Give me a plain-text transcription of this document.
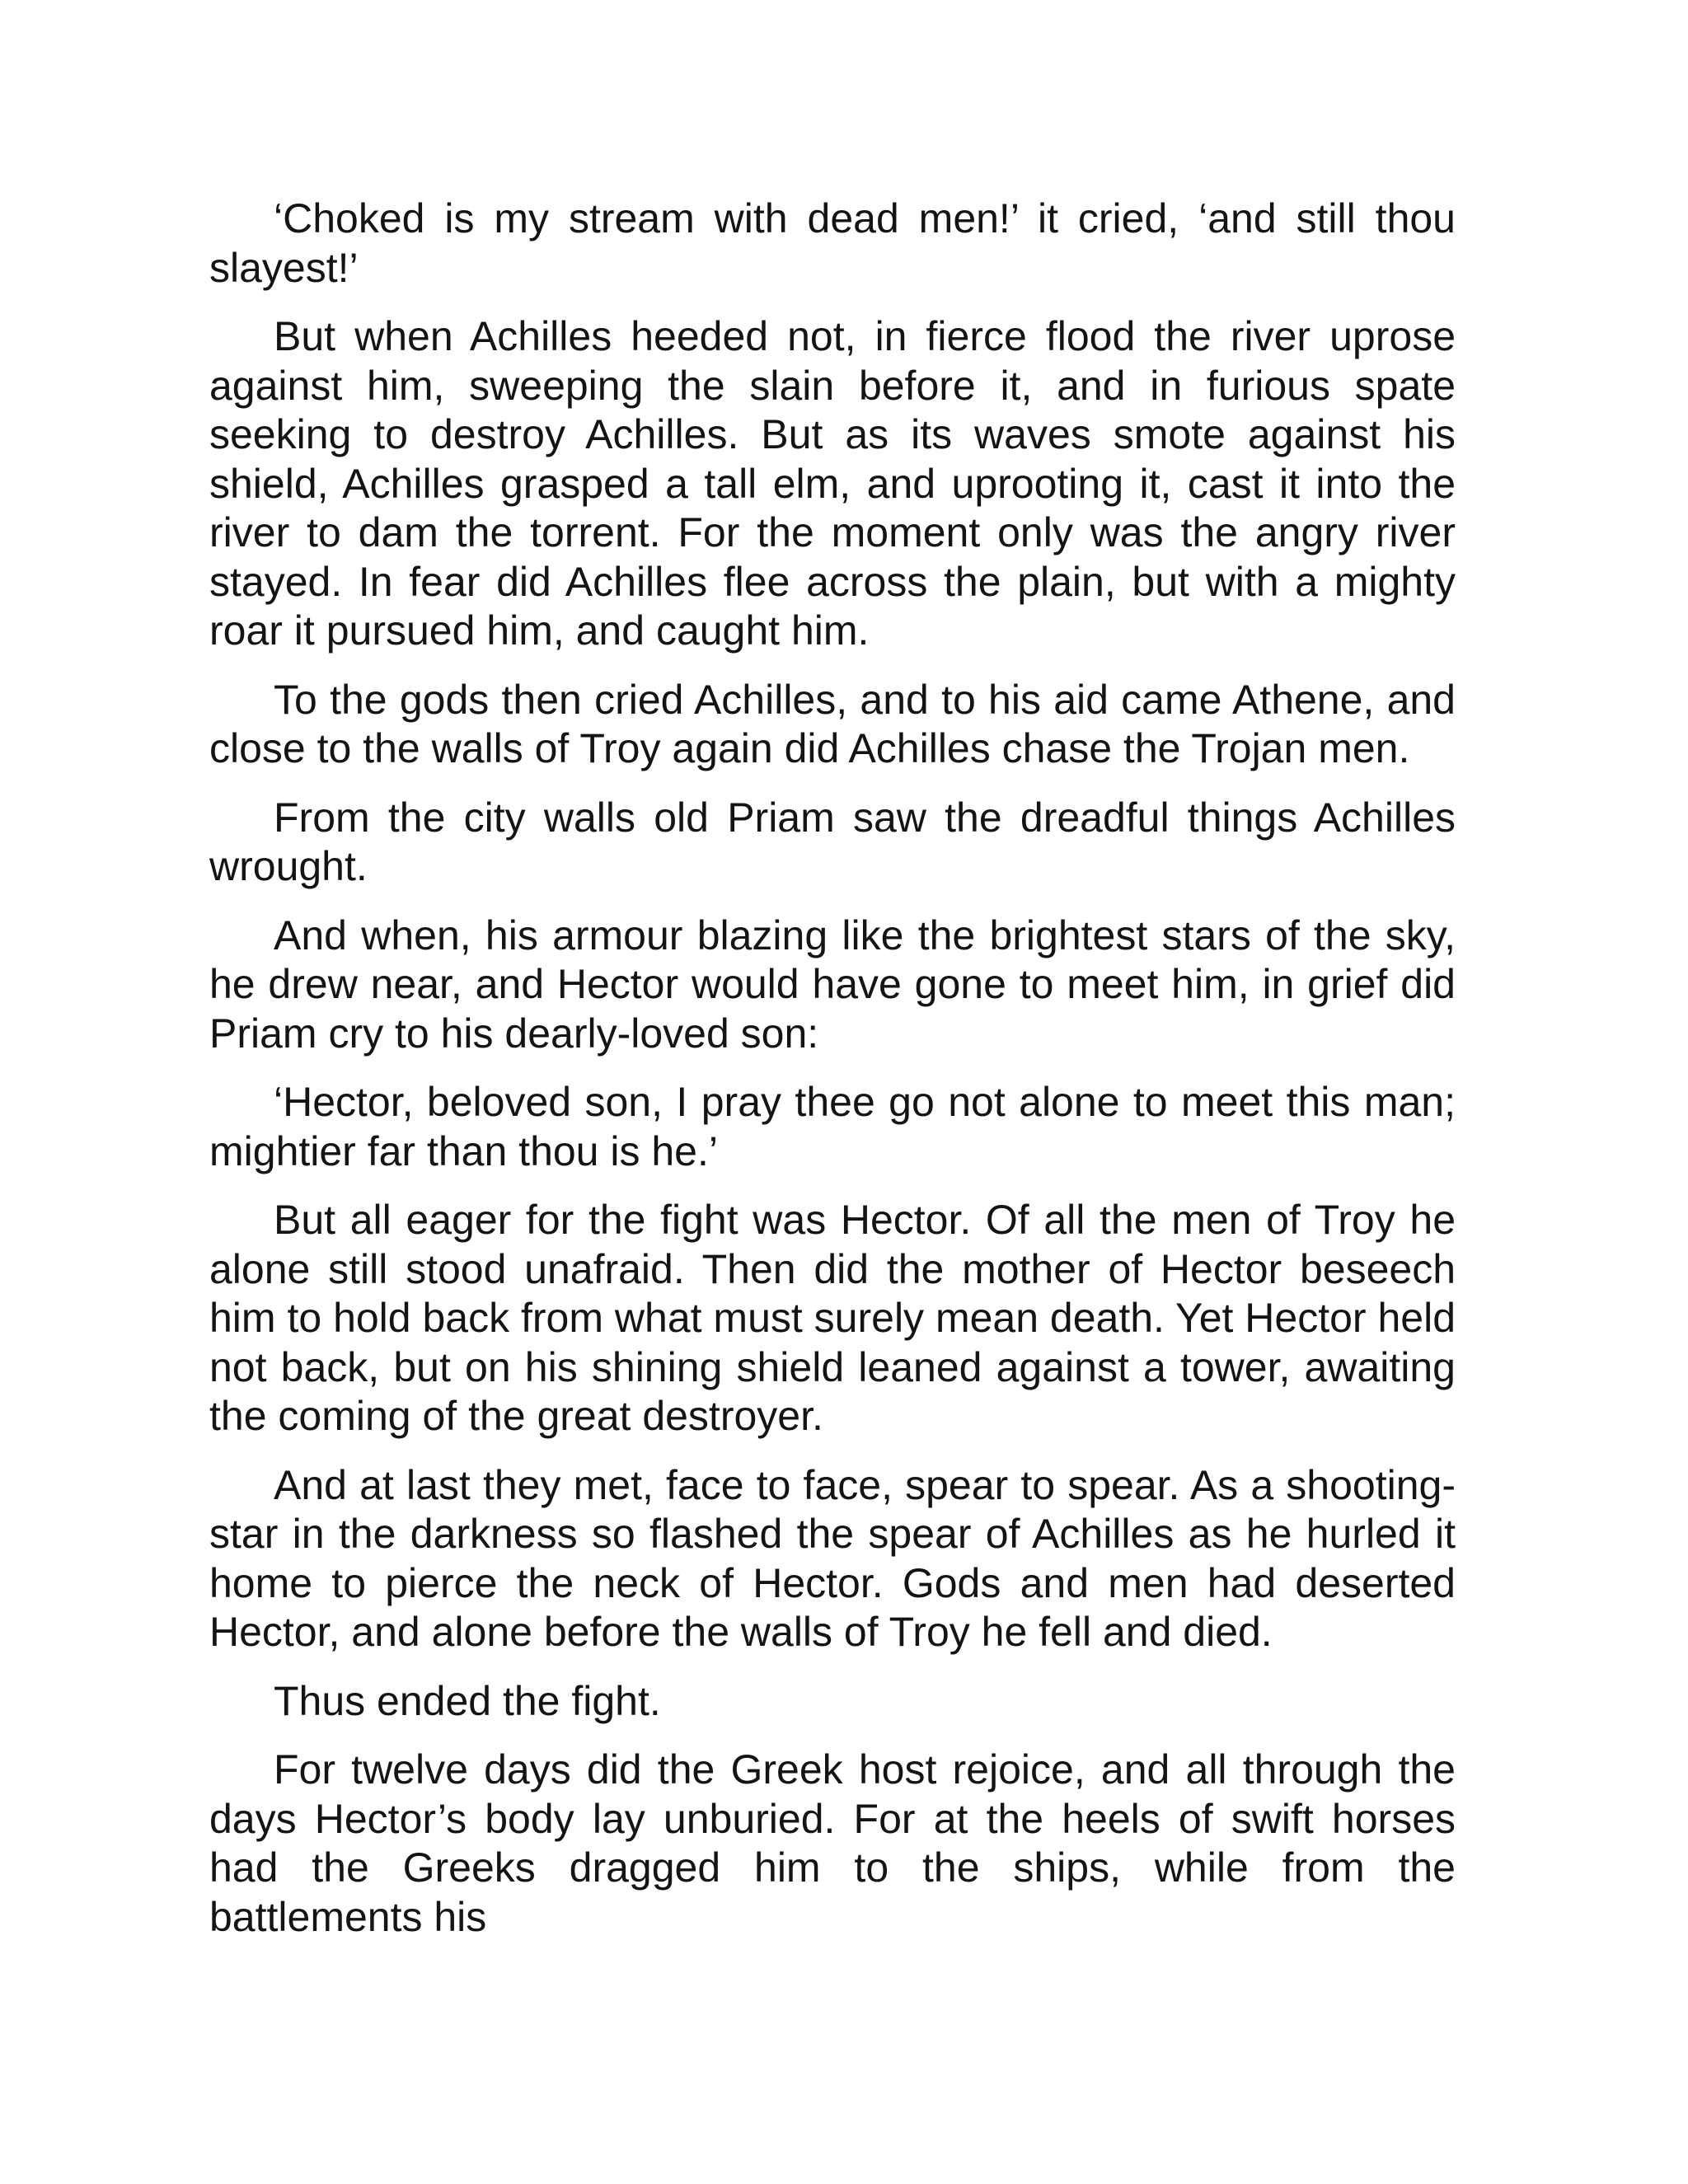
‘Choked is my stream with dead men!’ it cried, ‘and still thou slayest!’

But when Achilles heeded not, in fierce flood the river uprose against him, sweeping the slain before it, and in furious spate seeking to destroy Achilles. But as its waves smote against his shield, Achilles grasped a tall elm, and uprooting it, cast it into the river to dam the torrent. For the moment only was the angry river stayed. In fear did Achilles flee across the plain, but with a mighty roar it pursued him, and caught him.

To the gods then cried Achilles, and to his aid came Athene, and close to the walls of Troy again did Achilles chase the Trojan men.

From the city walls old Priam saw the dreadful things Achilles wrought.

And when, his armour blazing like the brightest stars of the sky, he drew near, and Hector would have gone to meet him, in grief did Priam cry to his dearly-loved son:

‘Hector, beloved son, I pray thee go not alone to meet this man; mightier far than thou is he.’

But all eager for the fight was Hector. Of all the men of Troy he alone still stood unafraid. Then did the mother of Hector beseech him to hold back from what must surely mean death. Yet Hector held not back, but on his shining shield leaned against a tower, awaiting the coming of the great destroyer.

And at last they met, face to face, spear to spear. As a shooting-star in the darkness so flashed the spear of Achilles as he hurled it home to pierce the neck of Hector. Gods and men had deserted Hector, and alone before the walls of Troy he fell and died.

Thus ended the fight.

For twelve days did the Greek host rejoice, and all through the days Hector’s body lay unburied. For at the heels of swift horses had the Greeks dragged him to the ships, while from the battlements his
